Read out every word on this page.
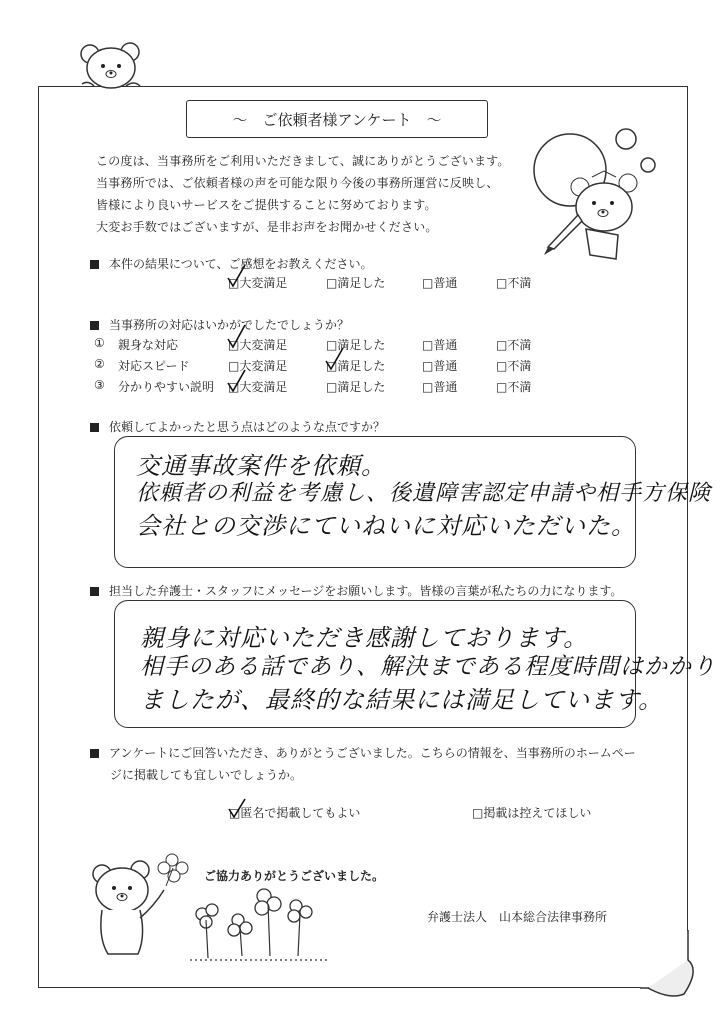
～　ご依頼者様アンケート　～
この度は、当事務所をご利用いただきまして、誠にありがとうございます。
当事務所では、ご依頼者様の声を可能な限り今後の事務所運営に反映し、
皆様により良いサービスをご提供することに努めております。
大変お手数ではございますが、是非お声をお聞かせください。
本件の結果について、ご感想をお教えください。
□大変満足	□満足した	□普通	□不満
当事務所の対応はいかがでしたでしょうか？
① 親身な対応	□大変満足	□満足した	□普通	□不満
② 対応スピード	□大変満足	□満足した	□普通	□不満
③ 分かりやすい説明 □大変満足	□満足した	□普通	□不満
依頼してよかったと思う点はどのような点ですか？
交通事故案件を依頼。
依頼者の利益を考慮し、後遺障害認定申請や相手方保険
会社との交渉にていねいに対応いただいた。
担当した弁護士・スタッフにメッセージをお願いします。皆様の言葉が私たちの力になります。
親身に対応いただき感謝しております。
相手のある話であり、解決まである程度時間はかかり
ましたが、最終的な結果には満足しています。
アンケートにご回答いただき、ありがとうございました。こちらの情報を、当事務所のホームペー
ジに掲載しても宜しいでしょうか。
□匿名で掲載してもよい	□掲載は控えてほしい
ご協力ありがとうございました。
弁護士法人　山本総合法律事務所
